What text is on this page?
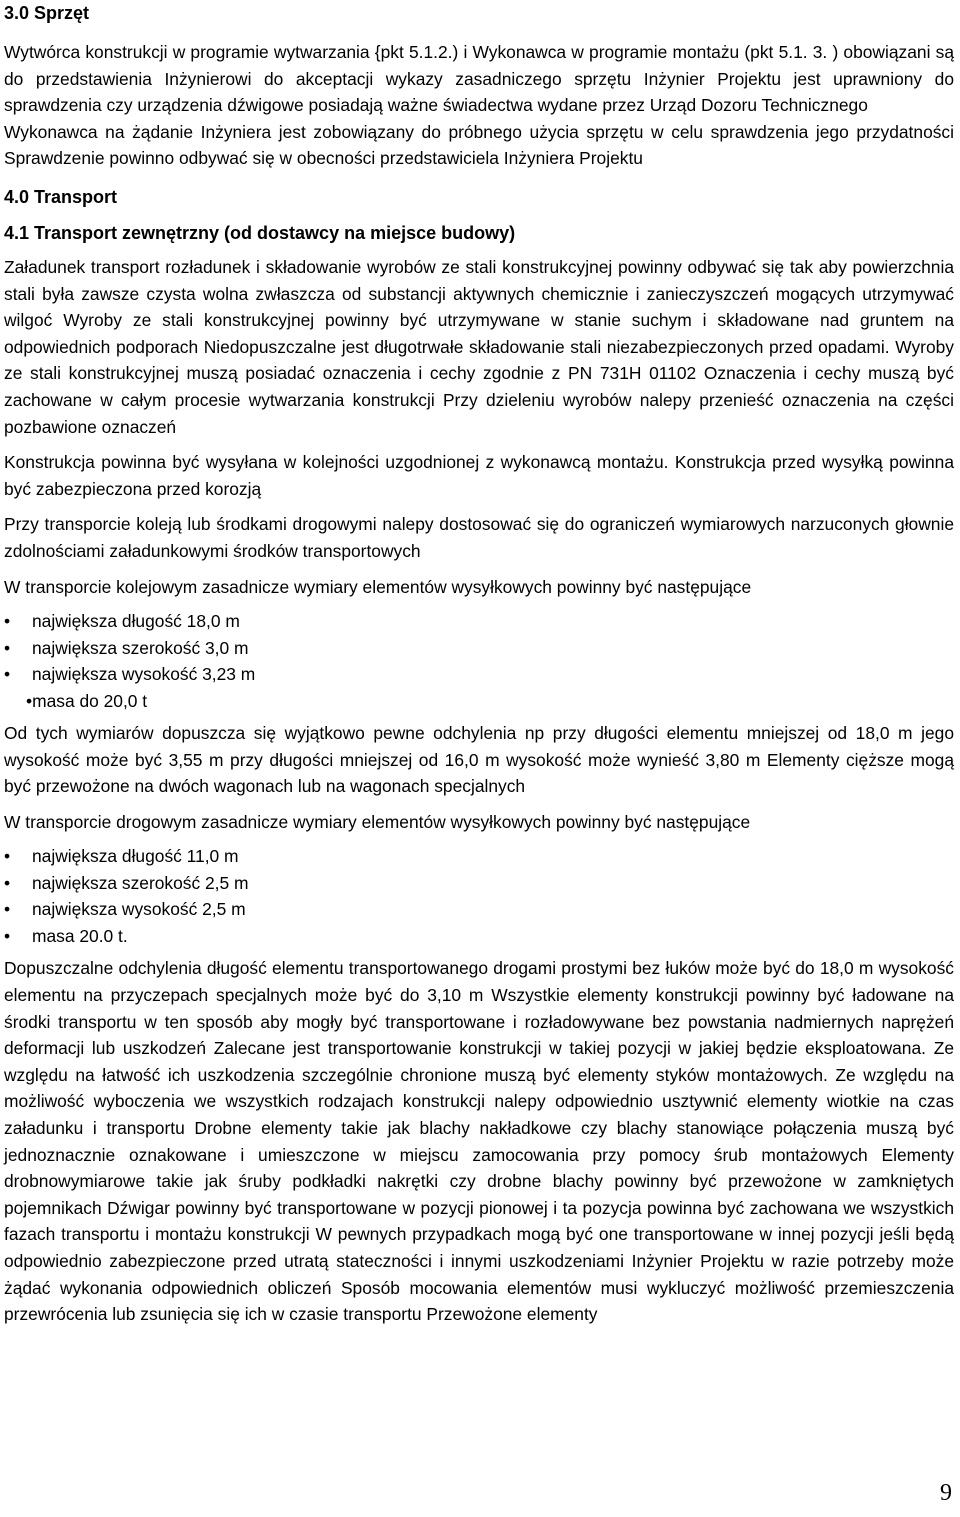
3.0 Sprzęt

Wytwórca konstrukcji w programie wytwarzania {pkt 5.1.2.) i Wykonawca w programie montażu (pkt 5.1. 3. ) obowiązani są do przedstawienia Inżynierowi do akceptacji wykazy zasadniczego sprzętu Inżynier Projektu jest uprawniony do sprawdzenia czy urządzenia dźwigowe posiadają ważne świadectwa wydane przez Urząd Dozoru Technicznego

Wykonawca na żądanie Inżyniera jest zobowiązany do próbnego użycia sprzętu w celu sprawdzenia jego przydatności Sprawdzenie powinno odbywać się w obecności przedstawiciela Inżyniera Projektu

4.0 Transport
4.1 Transport zewnętrzny (od dostawcy na miejsce budowy)

Załadunek transport rozładunek i składowanie wyrobów ze stali konstrukcyjnej powinny odbywać się tak aby powierzchnia stali była zawsze czysta wolna zwłaszcza od substancji aktywnych chemicznie i zanieczyszczeń mogących utrzymywać wilgoć Wyroby ze stali konstrukcyjnej powinny być utrzymywane w stanie suchym i składowane nad gruntem na odpowiednich podporach Niedopuszczalne jest długotrwałe składowanie stali niezabezpieczonych przed opadami. Wyroby ze stali konstrukcyjnej muszą posiadać oznaczenia i cechy zgodnie z PN 731H 01102 Oznaczenia i cechy muszą być zachowane w całym procesie wytwarzania konstrukcji Przy dzieleniu wyrobów nalepy przenieść oznaczenia na części pozbawione oznaczeń

Konstrukcja powinna być wysyłana w kolejności uzgodnionej z wykonawcą montażu. Konstrukcja przed wysyłką powinna być zabezpieczona przed korozją

Przy transporcie koleją lub środkami drogowymi nalepy dostosować się do ograniczeń wymiarowych narzuconych głownie zdolnościami załadunkowymi środków transportowych

W transporcie kolejowym zasadnicze wymiary elementów wysyłkowych powinny być następujące

• największa długość 18,0 m
• największa szerokość 3,0 m
• największa wysokość 3,23 m
•masa do 20,0 t

Od tych wymiarów dopuszcza się wyjątkowo pewne odchylenia np przy długości elementu mniejszej od 18,0 m jego wysokość może być 3,55 m przy długości mniejszej od 16,0 m wysokość może wynieść 3,80 m Elementy cięższe mogą być przewożone na dwóch wagonach lub na wagonach specjalnych

W transporcie drogowym zasadnicze wymiary elementów wysyłkowych powinny być następujące

• największa długość 11,0 m
• największa szerokość 2,5 m
• największa wysokość 2,5 m
• masa 20.0 t.

Dopuszczalne odchylenia długość elementu transportowanego drogami prostymi bez łuków może być do 18,0 m wysokość elementu na przyczepach specjalnych może być do 3,10 m Wszystkie elementy konstrukcji powinny być ładowane na środki transportu w ten sposób aby mogły być transportowane i rozładowywane bez powstania nadmiernych naprężeń deformacji lub uszkodzeń Zalecane jest transportowanie konstrukcji w takiej pozycji w jakiej będzie eksploatowana. Ze względu na łatwość ich uszkodzenia szczególnie chronione muszą być elementy styków montażowych. Ze względu na możliwość wyboczenia we wszystkich rodzajach konstrukcji nalepy odpowiednio usztywnić elementy wiotkie na czas załadunku i transportu Drobne elementy takie jak blachy nakładkowe czy blachy stanowiące połączenia muszą być jednoznacznie oznakowane i umieszczone w miejscu zamocowania przy pomocy śrub montażowych Elementy drobnowymiarowe takie jak śruby podkładki nakrętki czy drobne blachy powinny być przewożone w zamkniętych pojemnikach Dźwigar powinny być transportowane w pozycji pionowej i ta pozycja powinna być zachowana we wszystkich fazach transportu i montażu konstrukcji W pewnych przypadkach mogą być one transportowane w innej pozycji jeśli będą odpowiednio zabezpieczone przed utratą stateczności i innymi uszkodzeniami Inżynier Projektu w razie potrzeby może żądać wykonania odpowiednich obliczeń Sposób mocowania elementów musi wykluczyć możliwość przemieszczenia przewrócenia lub zsunięcia się ich w czasie transportu Przewożone elementy

9
